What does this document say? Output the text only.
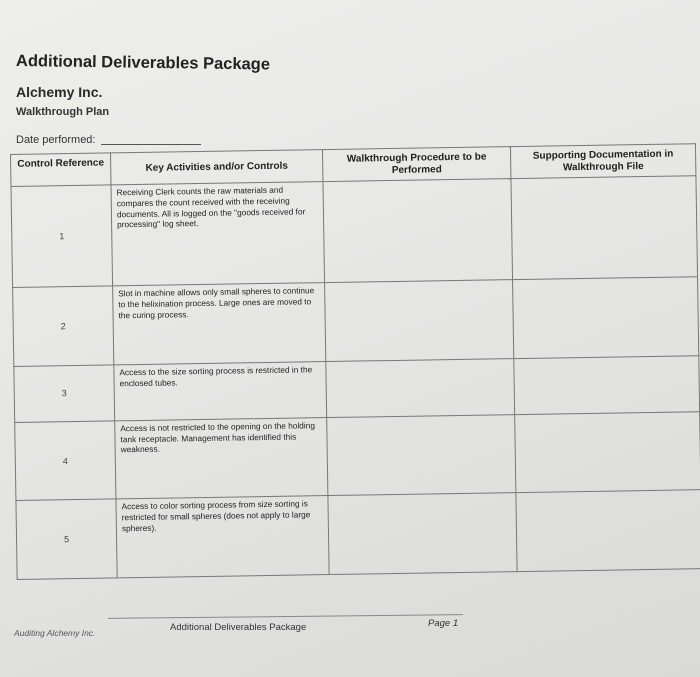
Additional Deliverables Package
Alchemy Inc.
Walkthrough Plan
Date performed:
Control Reference	Key Activities and/or Controls	Walkthrough Procedure to be Performed	Supporting Documentation in Walkthrough File
1	Receiving Clerk counts the raw materials and compares the count received with the receiving documents. All is logged on the "goods received for processing" log sheet.		
2	Slot in machine allows only small spheres to continue to the helixination process. Large ones are moved to the curing process.		
3	Access to the size sorting process is restricted in the enclosed tubes.		
4	Access is not restricted to the opening on the holding tank receptacle. Management has identified this weakness.		
5	Access to color sorting process from size sorting is restricted for small spheres (does not apply to large spheres).		
Auditing Alchemy Inc.	Additional Deliverables Package	Page 1
